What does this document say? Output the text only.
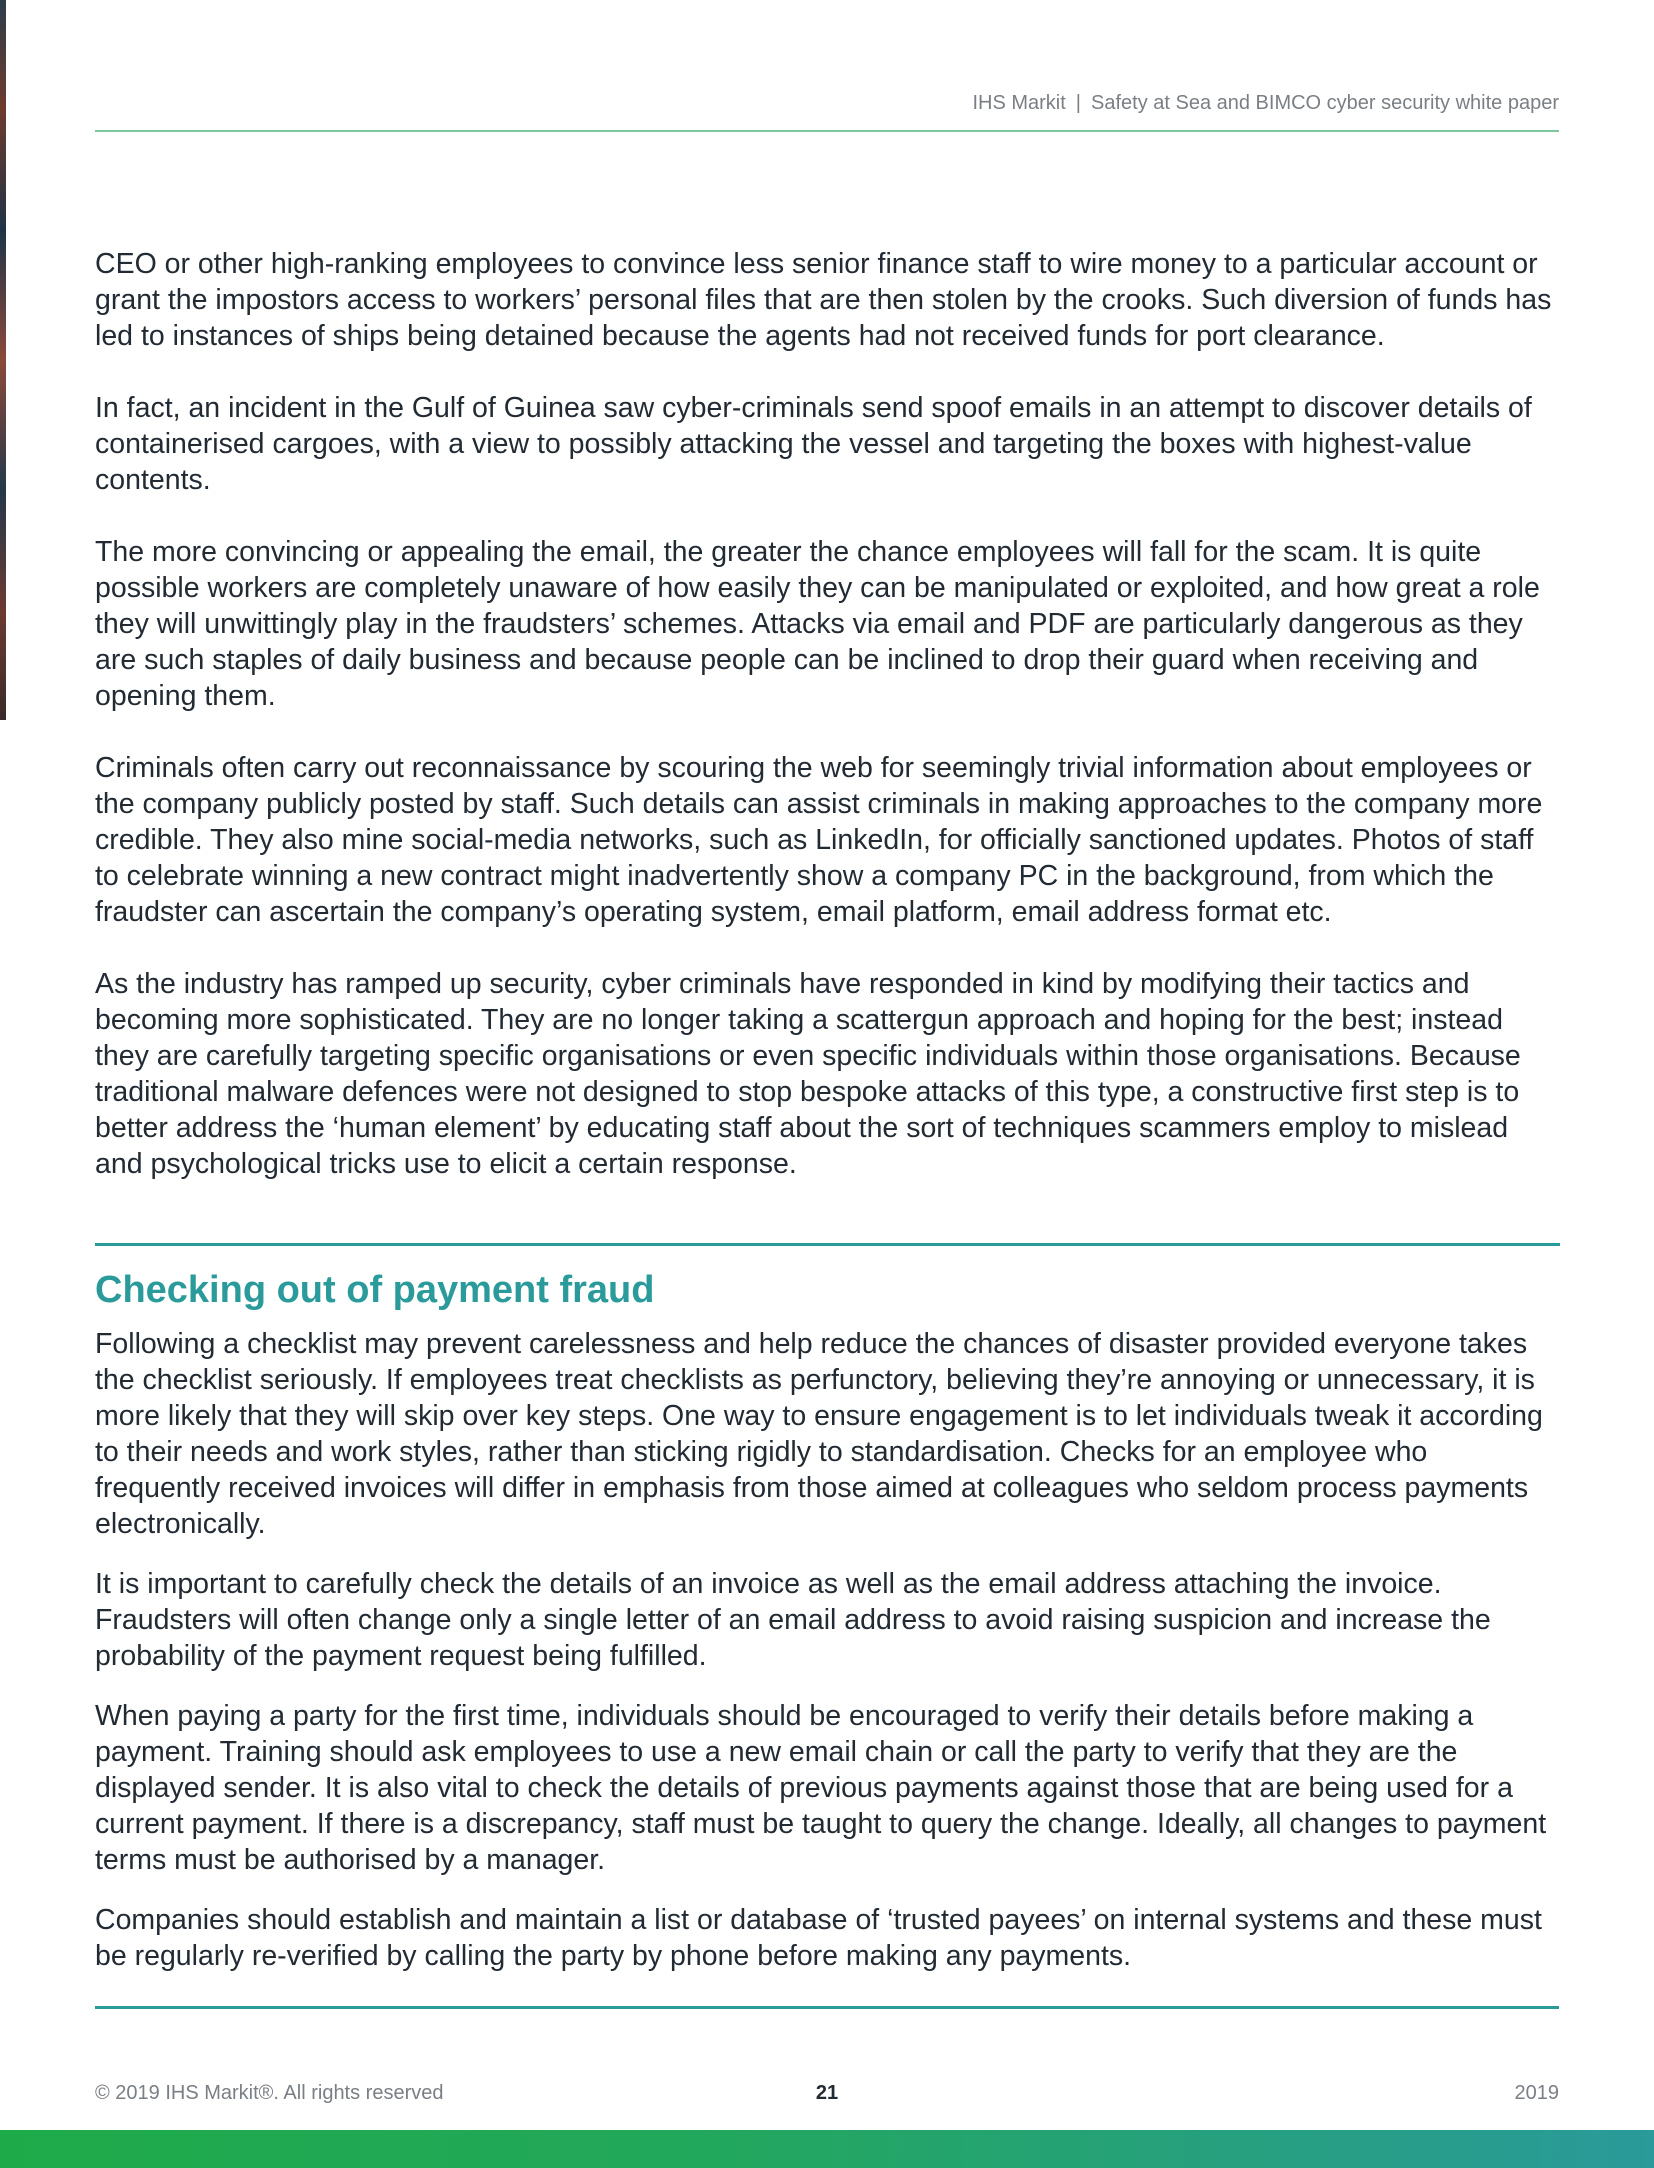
IHS Markit | Safety at Sea and BIMCO cyber security white paper

CEO or other high-ranking employees to convince less senior finance staff to wire money to a particular account or grant the impostors access to workers’ personal files that are then stolen by the crooks. Such diversion of funds has led to instances of ships being detained because the agents had not received funds for port clearance.

In fact, an incident in the Gulf of Guinea saw cyber-criminals send spoof emails in an attempt to discover details of containerised cargoes, with a view to possibly attacking the vessel and targeting the boxes with highest-value contents.

The more convincing or appealing the email, the greater the chance employees will fall for the scam. It is quite possible workers are completely unaware of how easily they can be manipulated or exploited, and how great a role they will unwittingly play in the fraudsters’ schemes. Attacks via email and PDF are particularly dangerous as they are such staples of daily business and because people can be inclined to drop their guard when receiving and opening them.

Criminals often carry out reconnaissance by scouring the web for seemingly trivial information about employees or the company publicly posted by staff. Such details can assist criminals in making approaches to the company more credible. They also mine social-media networks, such as LinkedIn, for officially sanctioned updates. Photos of staff to celebrate winning a new contract might inadvertently show a company PC in the background, from which the fraudster can ascertain the company’s operating system, email platform, email address format etc.

As the industry has ramped up security, cyber criminals have responded in kind by modifying their tactics and becoming more sophisticated. They are no longer taking a scattergun approach and hoping for the best; instead they are carefully targeting specific organisations or even specific individuals within those organisations. Because traditional malware defences were not designed to stop bespoke attacks of this type, a constructive first step is to better address the ‘human element’ by educating staff about the sort of techniques scammers employ to mislead and psychological tricks use to elicit a certain response.

Checking out of payment fraud

Following a checklist may prevent carelessness and help reduce the chances of disaster provided everyone takes the checklist seriously. If employees treat checklists as perfunctory, believing they’re annoying or unnecessary, it is more likely that they will skip over key steps. One way to ensure engagement is to let individuals tweak it according to their needs and work styles, rather than sticking rigidly to standardisation. Checks for an employee who frequently received invoices will differ in emphasis from those aimed at colleagues who seldom process payments electronically.

It is important to carefully check the details of an invoice as well as the email address attaching the invoice. Fraudsters will often change only a single letter of an email address to avoid raising suspicion and increase the probability of the payment request being fulfilled.

When paying a party for the first time, individuals should be encouraged to verify their details before making a payment. Training should ask employees to use a new email chain or call the party to verify that they are the displayed sender. It is also vital to check the details of previous payments against those that are being used for a current payment. If there is a discrepancy, staff must be taught to query the change. Ideally, all changes to payment terms must be authorised by a manager.

Companies should establish and maintain a list or database of ‘trusted payees’ on internal systems and these must be regularly re-verified by calling the party by phone before making any payments.

© 2019 IHS Markit®. All rights reserved	21	2019
